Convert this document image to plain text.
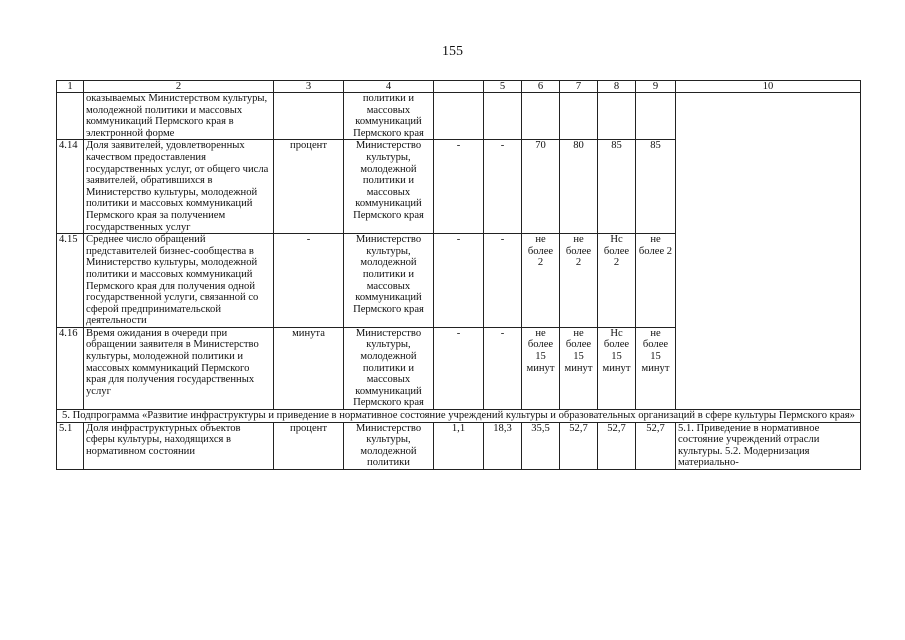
155
1	2	3	4		5	6	7	8	9	10
	оказываемых Министерством культуры, молодежной политики и массовых коммуникаций Пермского края в электронной форме		политики и массовых коммуникаций Пермского края							
4.14	Доля заявителей, удовлетворенных качеством предоставления государственных услуг, от общего числа заявителей, обратившихся в Министерство культуры, молодежной политики и массовых коммуникаций Пермского края за получением государственных услуг	процент	Министерство культуры, молодежной политики и массовых коммуникаций Пермского края	-	-	70	80	85	85	
4.15	Среднее число обращений представителей бизнес-сообщества в Министерство культуры, молодежной политики и массовых коммуникаций Пермского края для получения одной государственной услуги, связанной со сферой предпринимательской деятельности	-	Министерство культуры, молодежной политики и массовых коммуникаций Пермского края	-	-	не более 2	не более 2	Нс более 2	не более 2	
4.16	Время ожидания в очереди при обращении заявителя в Министерство культуры, молодежной политики и массовых коммуникаций Пермского края для получения государственных услуг	минута	Министерство культуры, молодежной политики и массовых коммуникаций Пермского края	-	-	не более 15 минут	не более 15 минут	Нс более 15 минут	не более 15 минут	
5. Подпрограмма «Развитие инфраструктуры и приведение в нормативное состояние учреждений культуры и образовательных организаций в сфере культуры Пермского края»										
5.1	Доля инфраструктурных объектов сферы культуры, находящихся в нормативном состоянии	процент	Министерство культуры, молодежной политики	1,1	18,3	35,5	52,7	52,7	52,7	5.1. Приведение в нормативное состояние учреждений отрасли культуры. 5.2. Модернизация материально-
